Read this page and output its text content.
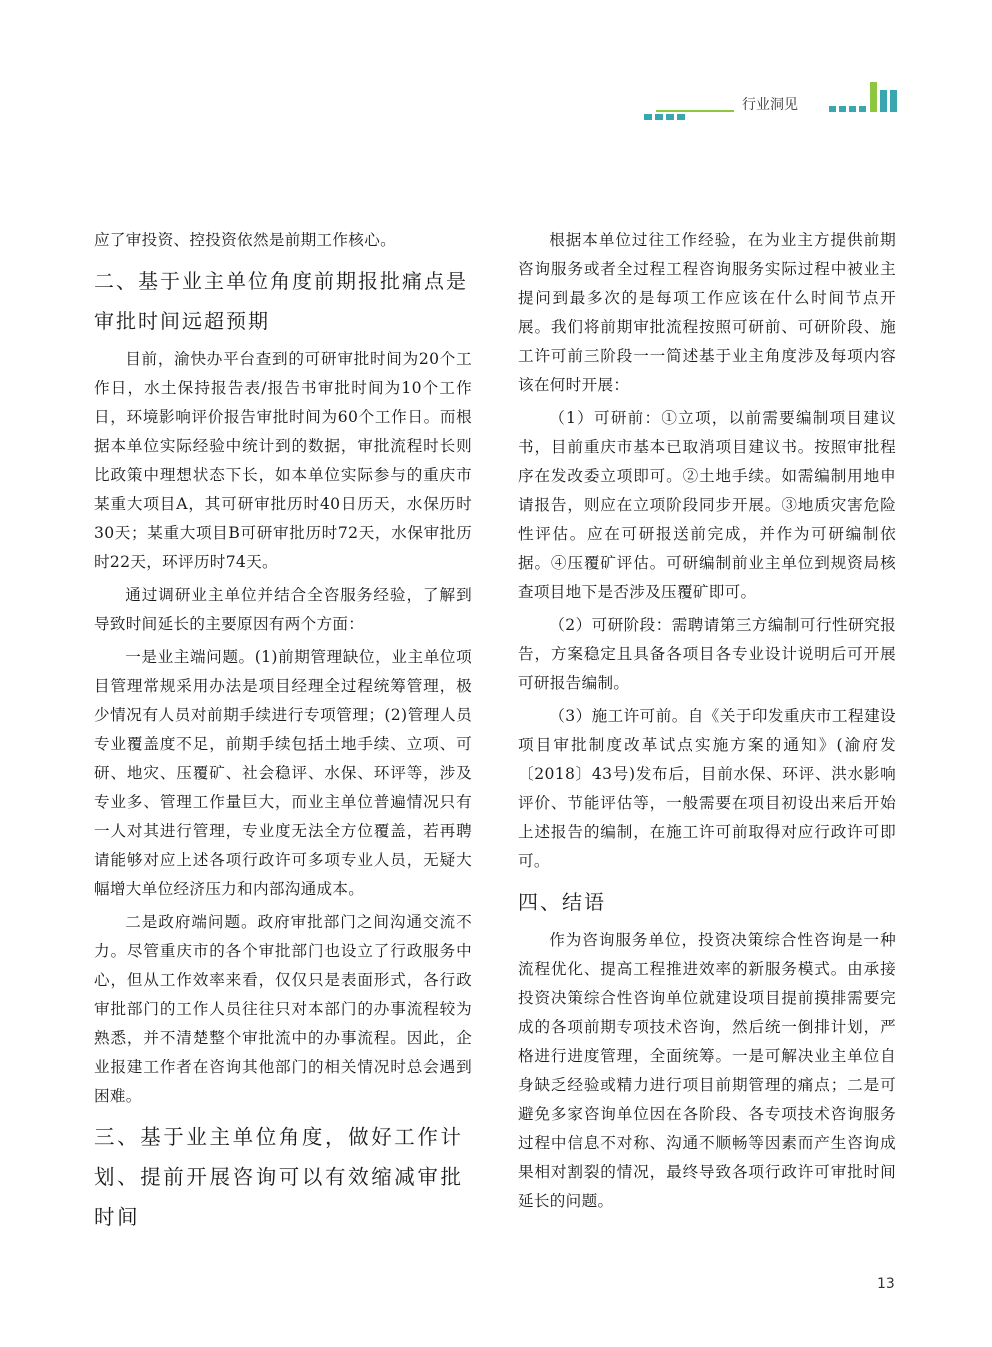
行业洞见

应了审投资、控投资依然是前期工作核心。

二、基于业主单位角度前期报批痛点是审批时间远超预期

目前，渝快办平台查到的可研审批时间为20个工作日，水土保持报告表/报告书审批时间为10个工作日，环境影响评价报告审批时间为60个工作日。而根据本单位实际经验中统计到的数据，审批流程时长则比政策中理想状态下长，如本单位实际参与的重庆市某重大项目A，其可研审批历时40日历天，水保历时30天；某重大项目B可研审批历时72天，水保审批历时22天，环评历时74天。

通过调研业主单位并结合全咨服务经验，了解到导致时间延长的主要原因有两个方面：

一是业主端问题。(1)前期管理缺位，业主单位项目管理常规采用办法是项目经理全过程统筹管理，极少情况有人员对前期手续进行专项管理；(2)管理人员专业覆盖度不足，前期手续包括土地手续、立项、可研、地灾、压覆矿、社会稳评、水保、环评等，涉及专业多、管理工作量巨大，而业主单位普遍情况只有一人对其进行管理，专业度无法全方位覆盖，若再聘请能够对应上述各项行政许可多项专业人员，无疑大幅增大单位经济压力和内部沟通成本。

二是政府端问题。政府审批部门之间沟通交流不力。尽管重庆市的各个审批部门也设立了行政服务中心，但从工作效率来看，仅仅只是表面形式，各行政审批部门的工作人员往往只对本部门的办事流程较为熟悉，并不清楚整个审批流中的办事流程。因此，企业报建工作者在咨询其他部门的相关情况时总会遇到困难。

三、基于业主单位角度，做好工作计划、提前开展咨询可以有效缩减审批时间

根据本单位过往工作经验，在为业主方提供前期咨询服务或者全过程工程咨询服务实际过程中被业主提问到最多次的是每项工作应该在什么时间节点开展。我们将前期审批流程按照可研前、可研阶段、施工许可前三阶段一一简述基于业主角度涉及每项内容该在何时开展：

（1）可研前：①立项，以前需要编制项目建议书，目前重庆市基本已取消项目建议书。按照审批程序在发改委立项即可。②土地手续。如需编制用地申请报告，则应在立项阶段同步开展。③地质灾害危险性评估。应在可研报送前完成，并作为可研编制依据。④压覆矿评估。可研编制前业主单位到规资局核查项目地下是否涉及压覆矿即可。

（2）可研阶段：需聘请第三方编制可行性研究报告，方案稳定且具备各项目各专业设计说明后可开展可研报告编制。

（3）施工许可前。自《关于印发重庆市工程建设项目审批制度改革试点实施方案的通知》(渝府发〔2018〕43号)发布后，目前水保、环评、洪水影响评价、节能评估等，一般需要在项目初设出来后开始上述报告的编制，在施工许可前取得对应行政许可即可。

四、结语

作为咨询服务单位，投资决策综合性咨询是一种流程优化、提高工程推进效率的新服务模式。由承接投资决策综合性咨询单位就建设项目提前摸排需要完成的各项前期专项技术咨询，然后统一倒排计划，严格进行进度管理，全面统筹。一是可解决业主单位自身缺乏经验或精力进行项目前期管理的痛点；二是可避免多家咨询单位因在各阶段、各专项技术咨询服务过程中信息不对称、沟通不顺畅等因素而产生咨询成果相对割裂的情况，最终导致各项行政许可审批时间延长的问题。

13
